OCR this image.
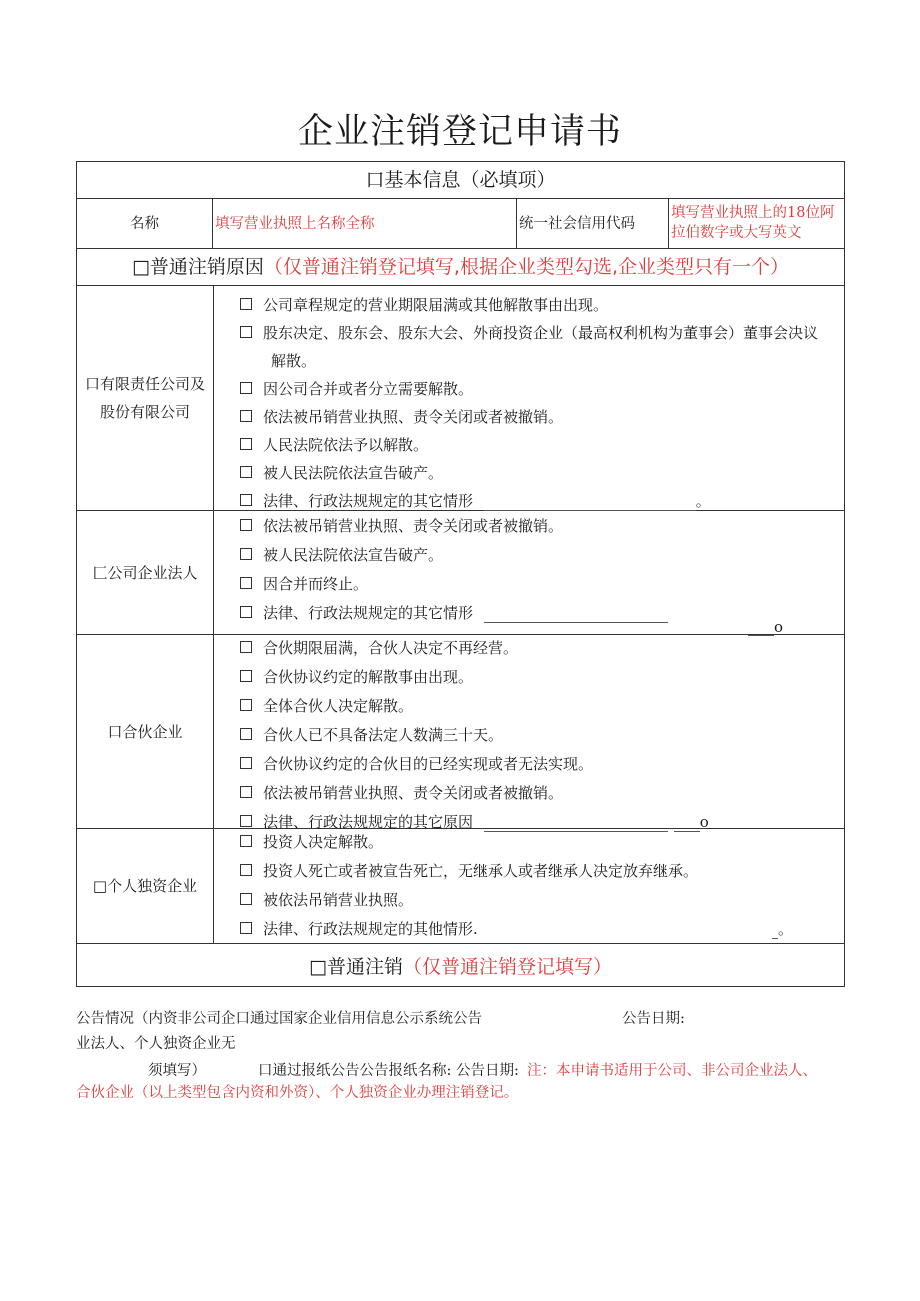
企业注销登记申请书
口基本信息（必填项）
名称	填写营业执照上名称全称	统一社会信用代码
填写营业执照上的18位阿拉伯数字或大写英文
□普通注销原因（仅普通注销登记填写,根据企业类型勾选,企业类型只有一个）
口有限责任公司及股份有限公司
公司章程规定的营业期限届满或其他解散事由出现。
股东决定、股东会、股东大会、外商投资企业（最高权利机构为董事会）董事会决议
解散。
因公司合并或者分立需要解散。
依法被吊销营业执照、责令关闭或者被撤销。
人民法院依法予以解散。
被人民法院依法宣告破产。
法律、行政法规规定的其它情形	。
匚公司企业法人
依法被吊销营业执照、责令关闭或者被撤销。
被人民法院依法宣告破产。
因合并而终止。
法律、行政法规规定的其它情形
o
口合伙企业
合伙期限届满，合伙人决定不再经营。
合伙协议约定的解散事由出现。
全体合伙人决定解散。
合伙人已不具备法定人数满三十天。
合伙协议约定的合伙目的已经实现或者无法实现。
依法被吊销营业执照、责令关闭或者被撤销。
法律、行政法规规定的其它原因	o
□个人独资企业
投资人决定解散。
投资人死亡或者被宣告死亡，无继承人或者继承人决定放弃继承。
被依法吊销营业执照。
法律、行政法规规定的其他情形.	。
□普通注销（仅普通注销登记填写）
公告情况（内资非公司企口通过国家企业信用信息公示系统公告	公告日期:
业法人、个人独资企业无
须填写）	口通过报纸公告公告报纸名称: 公告日期: 注：本申请书适用于公司、非公司企业法人、
合伙企业（以上类型包含内资和外资）、个人独资企业办理注销登记。
